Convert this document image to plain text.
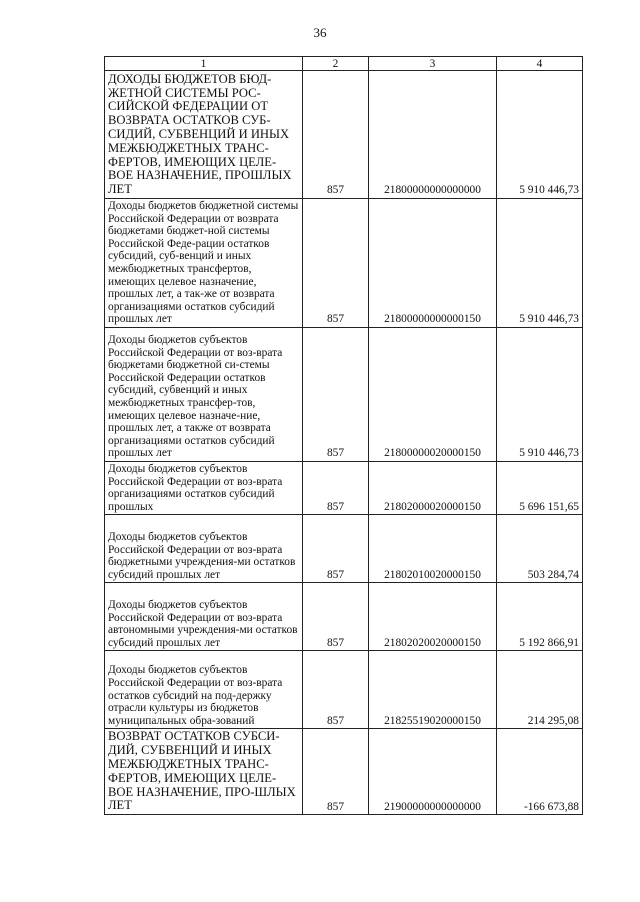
36
1	2	3	4
ДОХОДЫ БЮДЖЕТОВ БЮД-ЖЕТНОЙ СИСТЕМЫ РОС-СИЙСКОЙ ФЕДЕРАЦИИ ОТ ВОЗВРАТА ОСТАТКОВ СУБ-СИДИЙ, СУБВЕНЦИЙ И ИНЫХ МЕЖБЮДЖЕТНЫХ ТРАНС-ФЕРТОВ, ИМЕЮЩИХ ЦЕЛЕ-ВОЕ НАЗНАЧЕНИЕ, ПРОШЛЫХ ЛЕТ	857	21800000000000000	5 910 446,73
Доходы бюджетов бюджетной системы Российской Федерации от возврата бюджетами бюджет-ной системы Российской Феде-рации остатков субсидий, суб-венций и иных межбюджетных трансфертов, имеющих целевое назначение, прошлых лет, а так-же от возврата организациями остатков субсидий прошлых лет	857	21800000000000150	5 910 446,73
Доходы бюджетов субъектов Российской Федерации от воз-врата бюджетами бюджетной си-стемы Российской Федерации остатков субсидий, субвенций и иных межбюджетных трансфер-тов, имеющих целевое назначе-ние, прошлых лет, а также от возврата организациями остатков субсидий прошлых лет	857	21800000020000150	5 910 446,73
Доходы бюджетов субъектов Российской Федерации от воз-врата организациями остатков субсидий прошлых	857	21802000020000150	5 696 151,65
Доходы бюджетов субъектов Российской Федерации от воз-врата бюджетными учреждения-ми остатков субсидий прошлых лет	857	21802010020000150	503 284,74
Доходы бюджетов субъектов Российской Федерации от воз-врата автономными учреждения-ми остатков субсидий прошлых лет	857	21802020020000150	5 192 866,91
Доходы бюджетов субъектов Российской Федерации от воз-врата остатков субсидий на под-держку отрасли культуры из бюджетов муниципальных обра-зований	857	21825519020000150	214 295,08
ВОЗВРАТ ОСТАТКОВ СУБСИ-ДИЙ, СУБВЕНЦИЙ И ИНЫХ МЕЖБЮДЖЕТНЫХ ТРАНС-ФЕРТОВ, ИМЕЮЩИХ ЦЕЛЕ-ВОЕ НАЗНАЧЕНИЕ, ПРО-ШЛЫХ ЛЕТ	857	21900000000000000	-166 673,88
